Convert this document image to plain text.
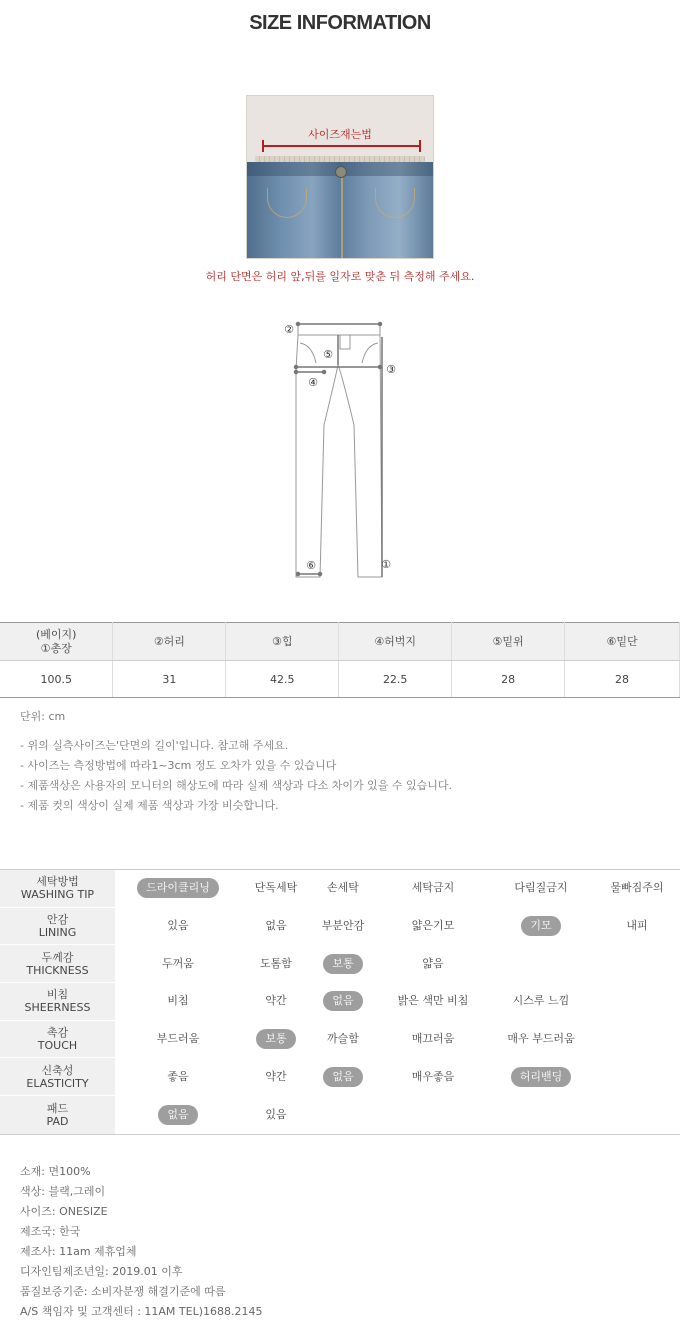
SIZE INFORMATION
사이즈재는법
허리 단면은 허리 앞,뒤를 일자로 맞춘 뒤 측정해 주세요.
①
②
③
④
⑤
⑥
(베이지)
①총장	②허리	③힙	④허벅지	⑤밑위	⑥밑단
100.5	31	42.5	22.5	28	28
단위: cm
- 위의 실측사이즈는'단면의 길이'입니다. 참고해 주세요.
- 사이즈는 측정방법에 따라1~3cm 정도 오차가 있을 수 있습니다
- 제품색상은 사용자의 모니터의 해상도에 따라 실제 색상과 다소 차이가 있을 수 있습니다.
- 제품 컷의 색상이 실제 제품 색상과 가장 비슷합니다.
세탁방법
WASHING TIP
드라이클리닝	단독세탁	손세탁	세탁금지	다림질금지	물빠짐주의
안감
LINING
있음	없음	부분안감	얇은기모	기모	내피
두께감
THICKNESS
두꺼움	도톰함	보통	얇음
비침
SHEERNESS
비침	약간	없음	밝은 색만 비침	시스루 느낌
촉감
TOUCH
부드러움	보통	까슬함	매끄러움	매우 부드러움
신축성
ELASTICITY
좋음	약간	없음	매우좋음	허리밴딩
패드
PAD
없음	있음
소재: 면100%
색상: 블랙,그레이
사이즈: ONESIZE
제조국: 한국
제조사: 11am 제휴업체
디자인팀제조년일: 2019.01 이후
품질보증기준: 소비자분쟁 해결기준에 따름
A/S 책임자 및 고객센터 : 11AM TEL)1688.2145
